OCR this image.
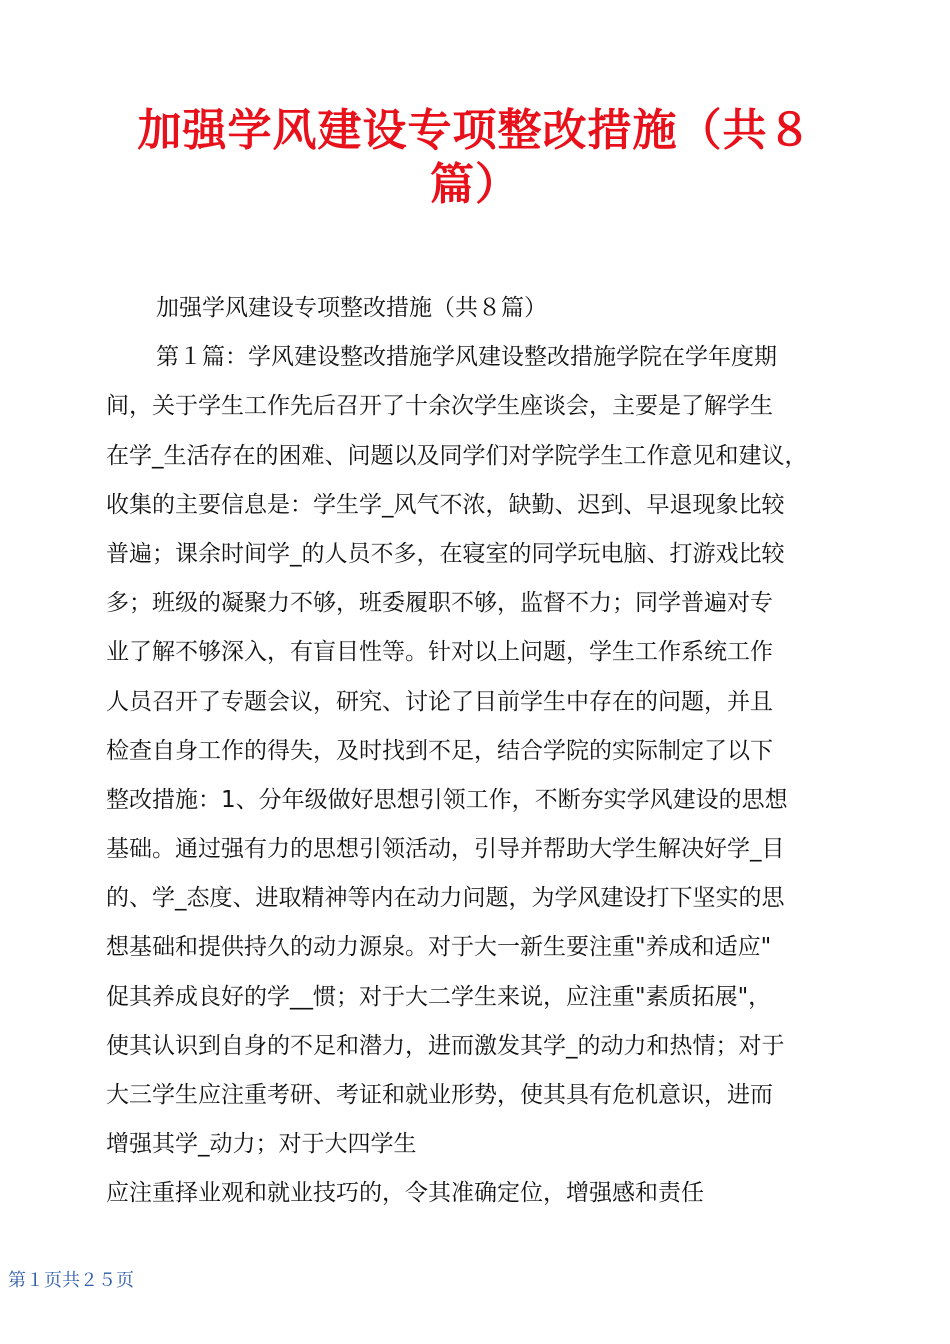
加强学风建设专项整改措施（共８
篇）
加强学风建设专项整改措施（共８篇）
第１篇：学风建设整改措施学风建设整改措施学院在学年度期
间，关于学生工作先后召开了十余次学生座谈会，主要是了解学生
在学_生活存在的困难、问题以及同学们对学院学生工作意见和建议，
收集的主要信息是：学生学_风气不浓，缺勤、迟到、早退现象比较
普遍；课余时间学_的人员不多，在寝室的同学玩电脑、打游戏比较
多；班级的凝聚力不够，班委履职不够，监督不力；同学普遍对专
业了解不够深入，有盲目性等。针对以上问题，学生工作系统工作
人员召开了专题会议，研究、讨论了目前学生中存在的问题，并且
检查自身工作的得失，及时找到不足，结合学院的实际制定了以下
整改措施：1、分年级做好思想引领工作，不断夯实学风建设的思想
基础。通过强有力的思想引领活动，引导并帮助大学生解决好学_目
的、学_态度、进取精神等内在动力问题，为学风建设打下坚实的思
想基础和提供持久的动力源泉。对于大一新生要注重"养成和适应"
促其养成良好的学__惯；对于大二学生来说，应注重"素质拓展"，
使其认识到自身的不足和潜力，进而激发其学_的动力和热情；对于
大三学生应注重考研、考证和就业形势，使其具有危机意识，进而
增强其学_动力；对于大四学生
应注重择业观和就业技巧的，令其准确定位，增强感和责任
第１页共２５页
